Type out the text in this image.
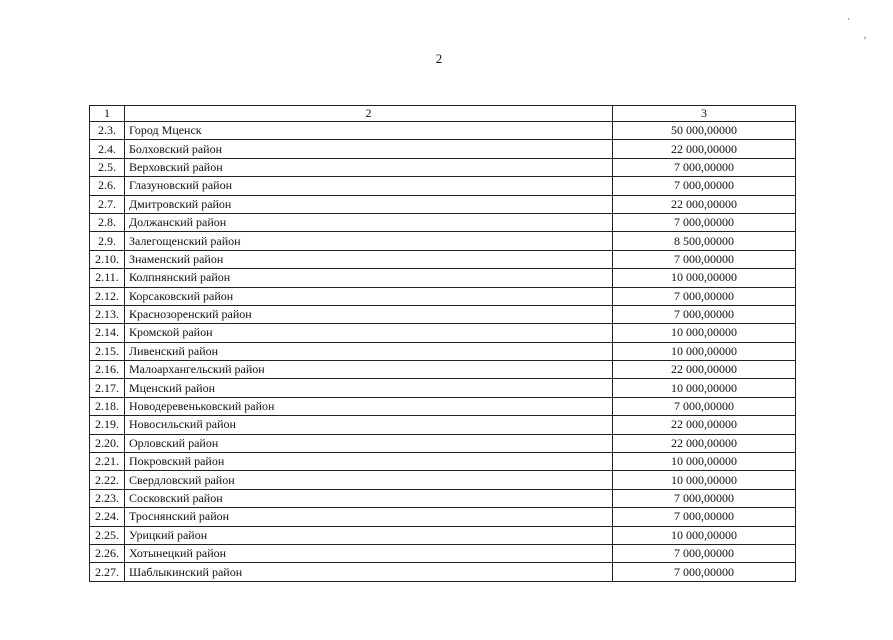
·
,
2
1	2	3
2.3.	Город Мценск	50 000,00000
2.4.	Болховский район	22 000,00000
2.5.	Верховский район	7 000,00000
2.6.	Глазуновский район	7 000,00000
2.7.	Дмитровский район	22 000,00000
2.8.	Должанский район	7 000,00000
2.9.	Залегощенский район	8 500,00000
2.10.	Знаменский район	7 000,00000
2.11.	Колпнянский район	10 000,00000
2.12.	Корсаковский район	7 000,00000
2.13.	Краснозоренский район	7 000,00000
2.14.	Кромской район	10 000,00000
2.15.	Ливенский район	10 000,00000
2.16.	Малоархангельский район	22 000,00000
2.17.	Мценский район	10 000,00000
2.18.	Новодеревеньковский район	7 000,00000
2.19.	Новосильский район	22 000,00000
2.20.	Орловский район	22 000,00000
2.21.	Покровский район	10 000,00000
2.22.	Свердловский район	10 000,00000
2.23.	Сосковский район	7 000,00000
2.24.	Троснянский район	7 000,00000
2.25.	Урицкий район	10 000,00000
2.26.	Хотынецкий район	7 000,00000
2.27.	Шаблыкинский район	7 000,00000
